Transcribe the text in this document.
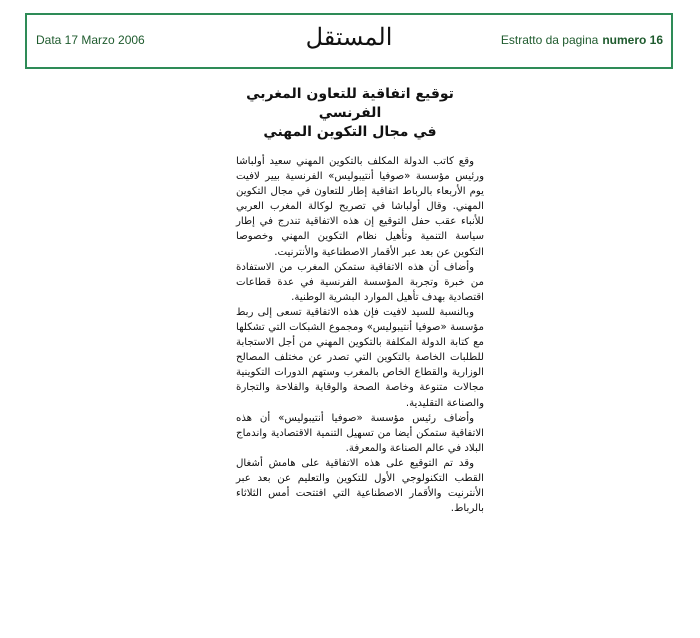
Data 17 Marzo 2006	المستقل	Estratto da pagina numero 16
توقيع اتفاقية للتعاون المغربي الفرنسي
في مجال التكوين المهني

وقع كاتب الدولة المكلف بالتكوين المهني سعيد أولباشا ورئيس مؤسسة «صوفيا أنتيبوليس» الفرنسية بيير لافيت يوم الأربعاء بالرباط اتفاقية إطار للتعاون في مجال التكوين المهني. وقال أولباشا في تصريح لوكالة المغرب العربي للأنباء عقب حفل التوقيع إن هذه الاتفاقية تندرج في إطار سياسة التنمية وتأهيل نظام التكوين المهني وخصوصا التكوين عن بعد عبر الأقمار الاصطناعية والأنترنيت.

وأضاف أن هذه الاتفاقية ستمكن المغرب من الاستفادة من خبرة وتجربة المؤسسة الفرنسية في عدة قطاعات اقتصادية بهدف تأهيل الموارد البشرية الوطنية.

وبالنسبة للسيد لافيت فإن هذه الاتفاقية تسعى إلى ربط مؤسسة «صوفيا أنتيبوليس» ومجموع الشبكات التي تشكلها مع كتابة الدولة المكلفة بالتكوين المهني من أجل الاستجابة للطلبات الخاصة بالتكوين التي تصدر عن مختلف المصالح الوزارية والقطاع الخاص بالمغرب وستهم الدورات التكوينية مجالات متنوعة وخاصة الصحة والوقاية والفلاحة والتجارة والصناعة التقليدية.

وأضاف رئيس مؤسسة «صوفيا أنتيبوليس» أن هذه الاتفاقية ستمكن أيضا من تسهيل التنمية الاقتصادية واندماج البلاد في عالم الصناعة والمعرفة.

وقد تم التوقيع على هذه الاتفاقية على هامش أشغال القطب التكنولوجي الأول للتكوين والتعليم عن بعد عبر الأنترنيت والأقمار الاصطناعية التي افتتحت أمس الثلاثاء بالرباط.
